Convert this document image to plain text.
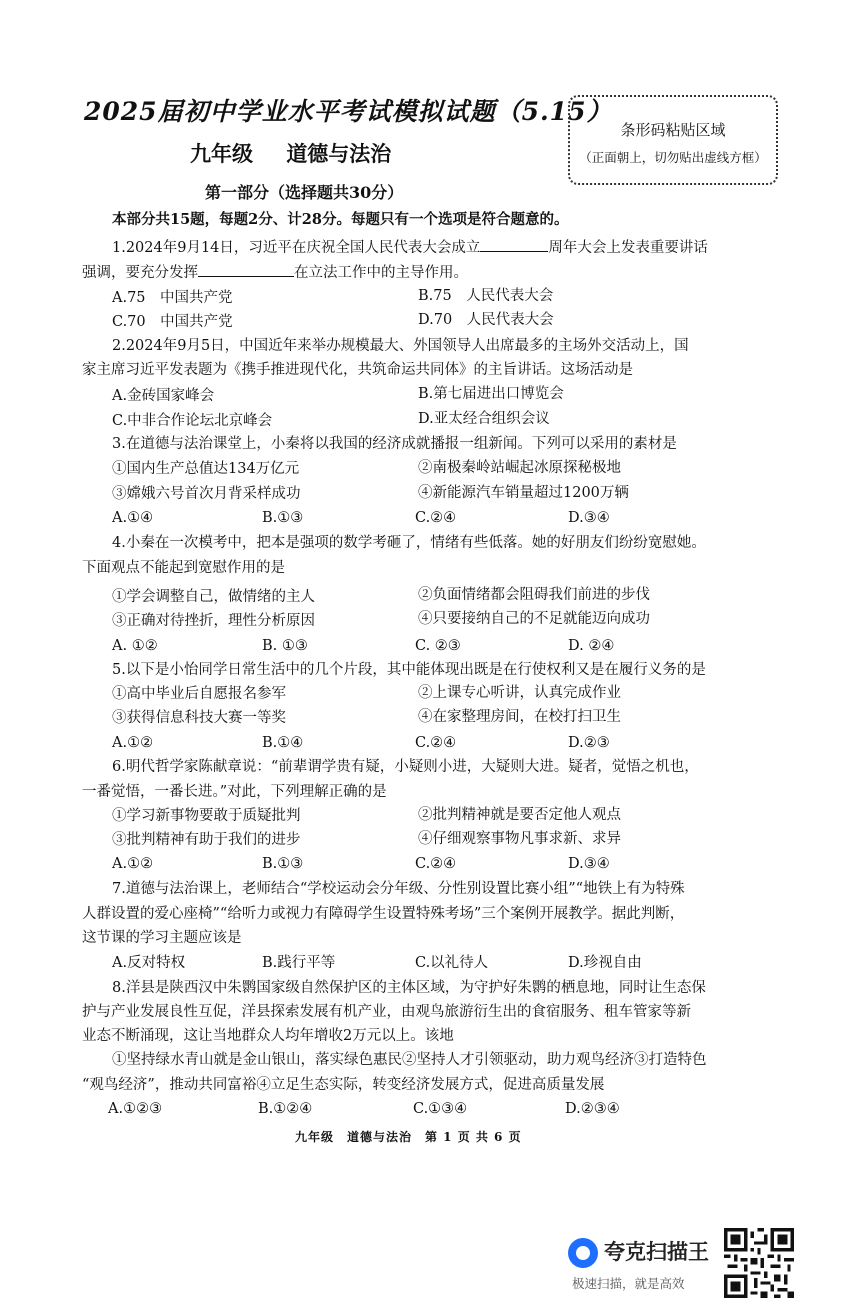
2025届初中学业水平考试模拟试题（5.15）
九年级 道德与法治
条形码粘贴区域
（正面朝上，切勿贴出虚线方框）
第一部分（选择题共30分）
本部分共15题，每题2分、计28分。每题只有一个选项是符合题意的。
1.2024年9月14日，习近平在庆祝全国人民代表大会成立	周年大会上发表重要讲话
强调，要充分发挥	在立法工作中的主导作用。
A.75　中国共产党	B.75　人民代表大会
C.70　中国共产党	D.70　人民代表大会
2.2024年9月5日，中国近年来举办规模最大、外国领导人出席最多的主场外交活动上，国
家主席习近平发表题为《携手推进现代化，共筑命运共同体》的主旨讲话。这场活动是
A.金砖国家峰会	B.第七届进出口博览会
C.中非合作论坛北京峰会	D.亚太经合组织会议
3.在道德与法治课堂上，小秦将以我国的经济成就播报一组新闻。下列可以采用的素材是
①国内生产总值达134万亿元	②南极秦岭站崛起冰原探秘极地
③嫦娥六号首次月背采样成功	④新能源汽车销量超过1200万辆
A.①④	B.①③	C.②④	D.③④
4.小秦在一次模考中，把本是强项的数学考砸了，情绪有些低落。她的好朋友们纷纷宽慰她。
下面观点不能起到宽慰作用的是
①学会调整自己，做情绪的主人	②负面情绪都会阻碍我们前进的步伐
③正确对待挫折，理性分析原因	④只要接纳自己的不足就能迈向成功
A. ①②	B. ①③	C. ②③	D. ②④
5.以下是小怡同学日常生活中的几个片段，其中能体现出既是在行使权利又是在履行义务的是
①高中毕业后自愿报名参军	②上课专心听讲，认真完成作业
③获得信息科技大赛一等奖	④在家整理房间，在校打扫卫生
A.①②	B.①④	C.②④	D.②③
6.明代哲学家陈献章说：“前辈谓学贵有疑，小疑则小进，大疑则大进。疑者，觉悟之机也，
一番觉悟，一番长进。”对此，下列理解正确的是
①学习新事物要敢于质疑批判	②批判精神就是要否定他人观点
③批判精神有助于我们的进步	④仔细观察事物凡事求新、求异
A.①②	B.①③	C.②④	D.③④
7.道德与法治课上，老师结合“学校运动会分年级、分性别设置比赛小组”“地铁上有为特殊
人群设置的爱心座椅”“给听力或视力有障碍学生设置特殊考场”三个案例开展教学。据此判断，
这节课的学习主题应该是
A.反对特权	B.践行平等	C.以礼待人	D.珍视自由
8.洋县是陕西汉中朱鹮国家级自然保护区的主体区域，为守护好朱鹮的栖息地，同时让生态保
护与产业发展良性互促，洋县探索发展有机产业，由观鸟旅游衍生出的食宿服务、租车管家等新
业态不断涌现，这让当地群众人均年增收2万元以上。该地
①坚持绿水青山就是金山银山，落实绿色惠民②坚持人才引领驱动，助力观鸟经济③打造特色
“观鸟经济”，推动共同富裕④立足生态实际，转变经济发展方式，促进高质量发展
A.①②③	B.①②④	C.①③④	D.②③④
九年级　道德与法治　第 1 页 共 6 页
夸克扫描王
极速扫描，就是高效
